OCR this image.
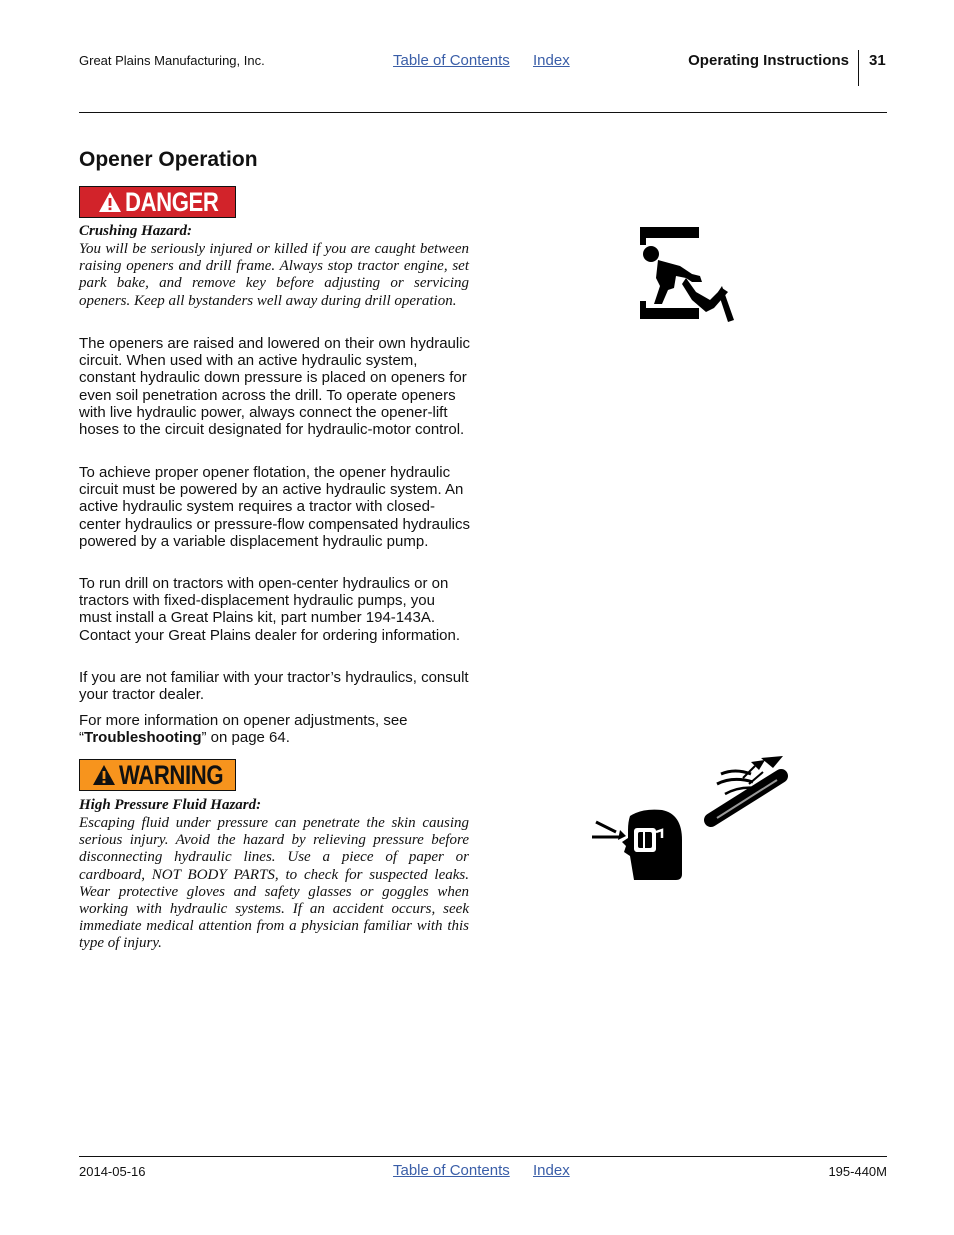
Great Plains Manufacturing, Inc.	Table of Contents Index	Operating Instructions 31
Opener Operation
DANGER
Crushing Hazard:
You will be seriously injured or killed if you are caught between raising openers and drill frame. Always stop tractor engine, set park bake, and remove key before adjusting or servicing openers. Keep all bystanders well away during drill operation.
The openers are raised and lowered on their own hydraulic circuit. When used with an active hydraulic system, constant hydraulic down pressure is placed on openers for even soil penetration across the drill. To operate openers with live hydraulic power, always connect the opener-lift hoses to the circuit designated for hydraulic-motor control.
To achieve proper opener flotation, the opener hydraulic circuit must be powered by an active hydraulic system. An active hydraulic system requires a tractor with closed-center hydraulics or pressure-flow compensated hydraulics powered by a variable displacement hydraulic pump.
To run drill on tractors with open-center hydraulics or on tractors with fixed-displacement hydraulic pumps, you must install a Great Plains kit, part number 194-143A. Contact your Great Plains dealer for ordering information.
If you are not familiar with your tractor’s hydraulics, consult your tractor dealer.
For more information on opener adjustments, see “Troubleshooting” on page 64.
WARNING
High Pressure Fluid Hazard:
Escaping fluid under pressure can penetrate the skin causing serious injury. Avoid the hazard by relieving pressure before disconnecting hydraulic lines. Use a piece of paper or cardboard, NOT BODY PARTS, to check for suspected leaks. Wear protective gloves and safety glasses or goggles when working with hydraulic systems. If an accident occurs, seek immediate medical attention from a physician familiar with this type of injury.
2014-05-16	Table of Contents Index	195-440M
